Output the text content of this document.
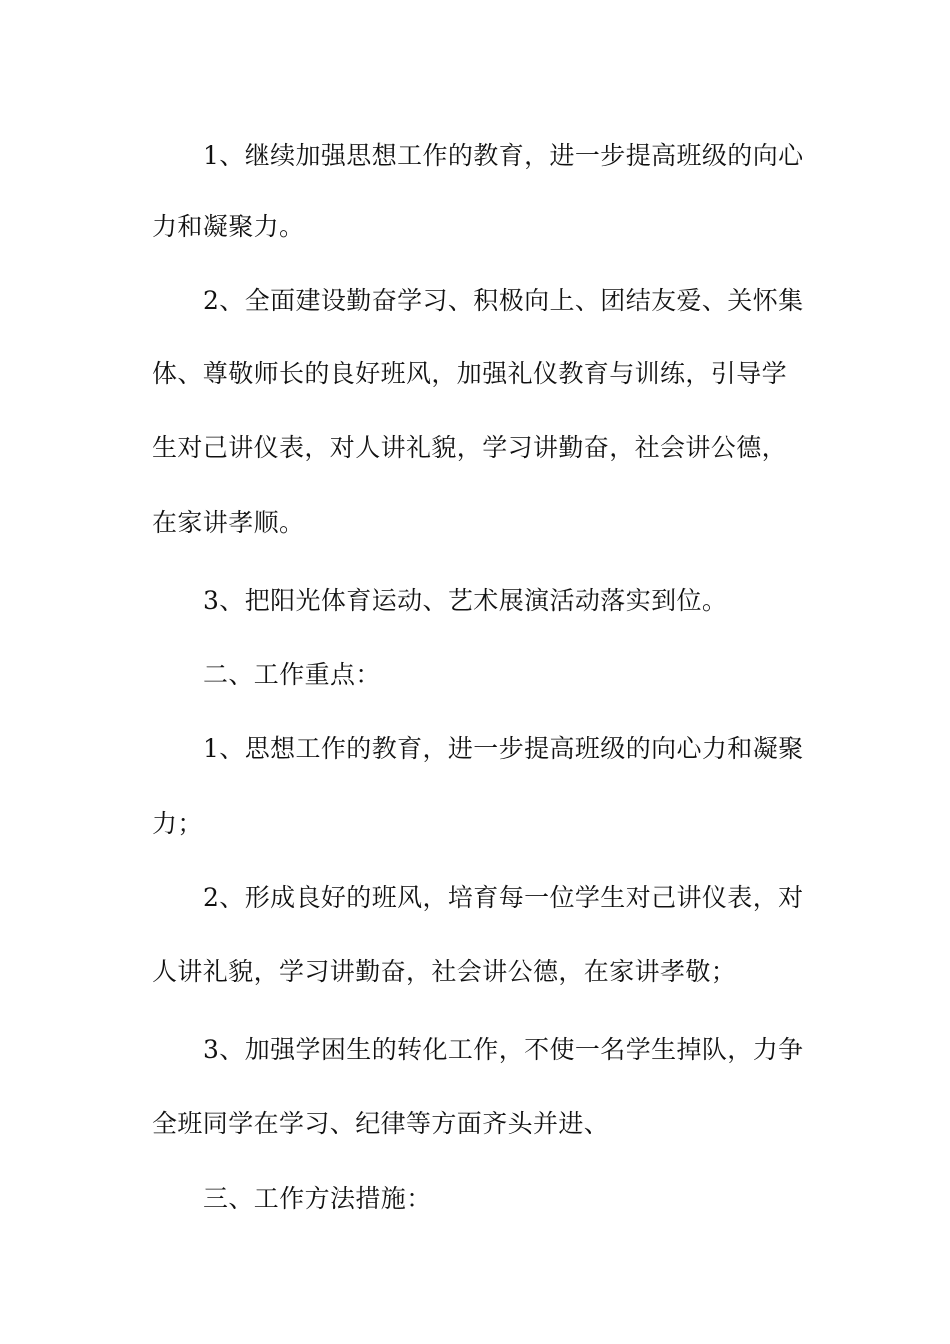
1、继续加强思想工作的教育，进一步提高班级的向心
力和凝聚力。
2、全面建设勤奋学习、积极向上、团结友爱、关怀集
体、尊敬师长的良好班风，加强礼仪教育与训练，引导学
生对己讲仪表，对人讲礼貌，学习讲勤奋，社会讲公德，
在家讲孝顺。
3、把阳光体育运动、艺术展演活动落实到位。
二、工作重点：
1、思想工作的教育，进一步提高班级的向心力和凝聚
力；
2、形成良好的班风，培育每一位学生对己讲仪表，对
人讲礼貌，学习讲勤奋，社会讲公德，在家讲孝敬；
3、加强学困生的转化工作，不使一名学生掉队，力争
全班同学在学习、纪律等方面齐头并进、
三、工作方法措施：
